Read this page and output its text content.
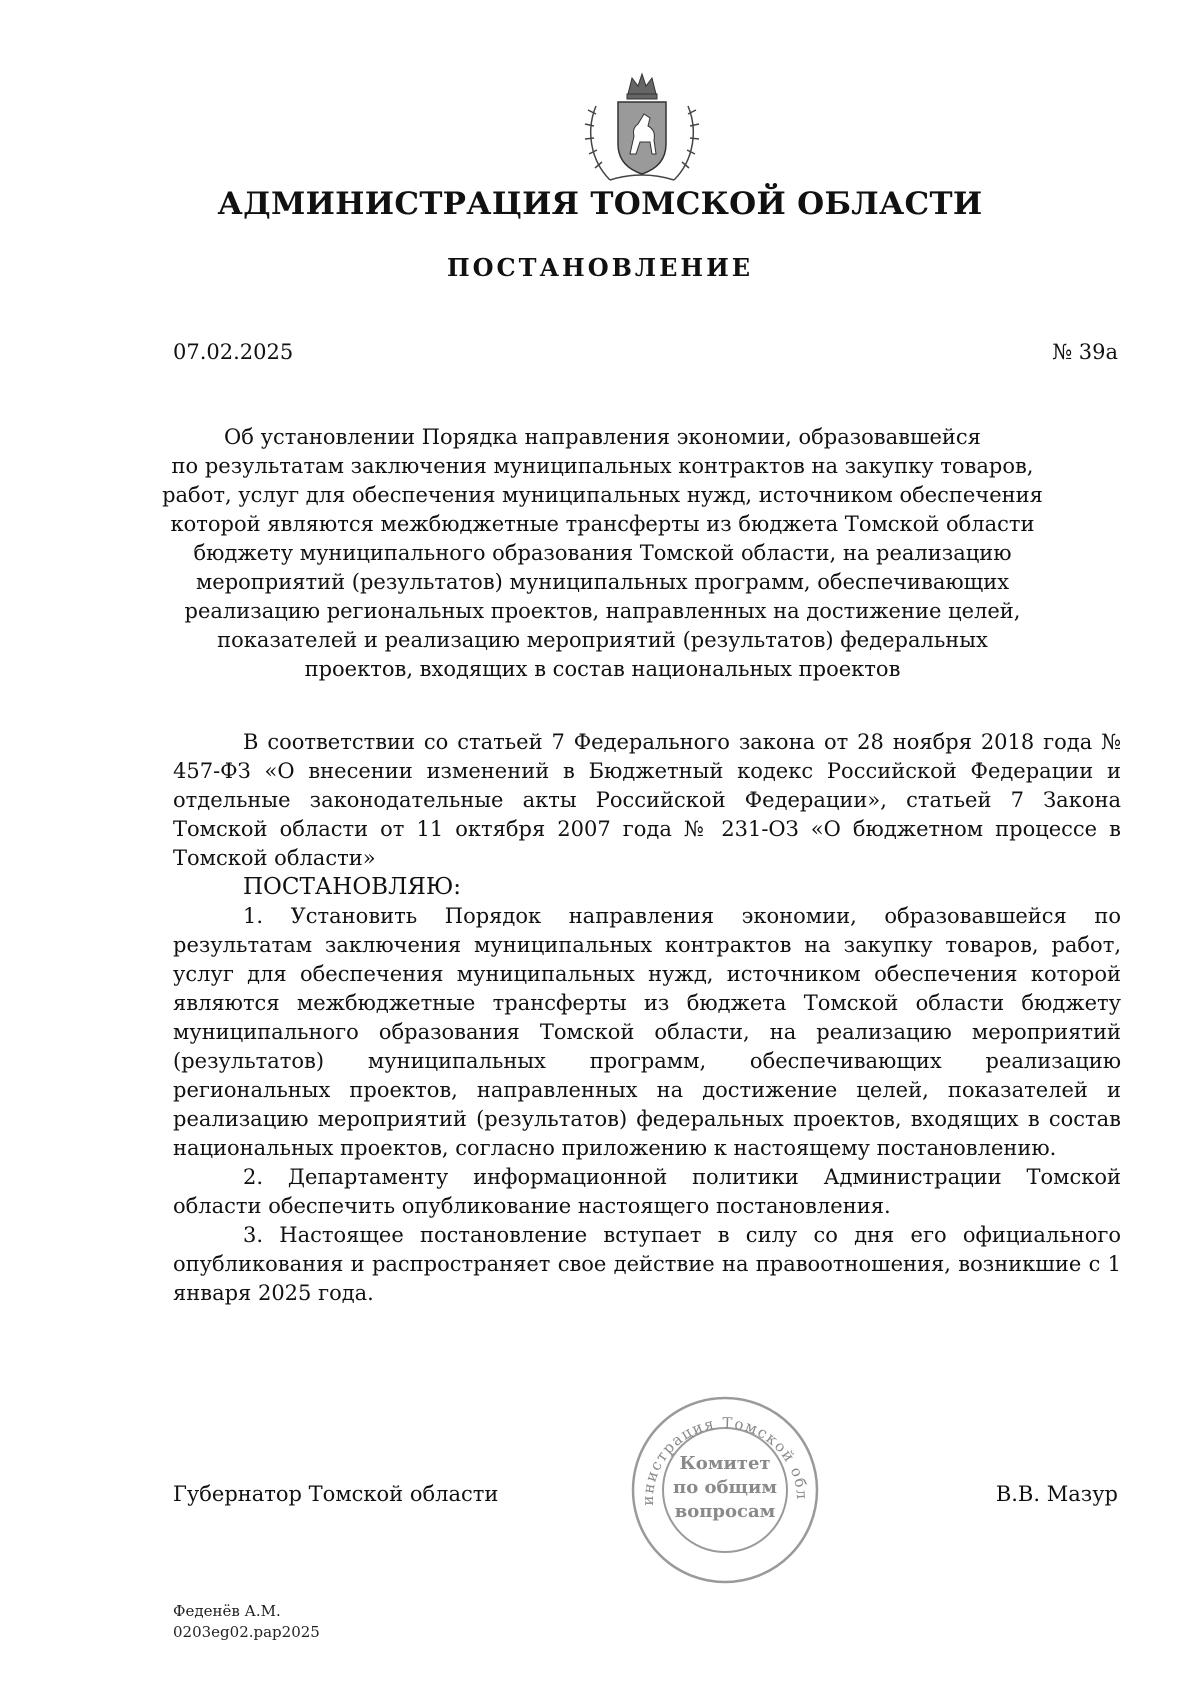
АДМИНИСТРАЦИЯ ТОМСКОЙ ОБЛАСТИ
ПОСТАНОВЛЕНИЕ
07.02.2025	№ 39а
Об установлении Порядка направления экономии, образовавшейся
по результатам заключения муниципальных контрактов на закупку товаров,
работ, услуг для обеспечения муниципальных нужд, источником обеспечения
которой являются межбюджетные трансферты из бюджета Томской области
бюджету муниципального образования Томской области, на реализацию
мероприятий (результатов) муниципальных программ, обеспечивающих
реализацию региональных проектов, направленных на достижение целей,
показателей и реализацию мероприятий (результатов) федеральных
проектов, входящих в состав национальных проектов

В соответствии со статьей 7 Федерального закона от 28 ноября 2018 года № 457-ФЗ «О внесении изменений в Бюджетный кодекс Российской Федерации и отдельные законодательные акты Российской Федерации», статьей 7 Закона Томской области от 11 октября 2007 года № 231-ОЗ «О бюджетном процессе в Томской области»

ПОСТАНОВЛЯЮ:

1. Установить Порядок направления экономии, образовавшейся по результатам заключения муниципальных контрактов на закупку товаров, работ, услуг для обеспечения муниципальных нужд, источником обеспечения которой являются межбюджетные трансферты из бюджета Томской области бюджету муниципального образования Томской области, на реализацию мероприятий (результатов) муниципальных программ, обеспечивающих реализацию региональных проектов, направленных на достижение целей, показателей и реализацию мероприятий (результатов) федеральных проектов, входящих в состав национальных проектов, согласно приложению к настоящему постановлению.

2. Департаменту информационной политики Администрации Томской области обеспечить опубликование настоящего постановления.

3. Настоящее постановление вступает в силу со дня его официального опубликования и распространяет свое действие на правоотношения, возникшие с 1 января 2025 года.

Губернатор Томской области	В.В. Мазур
инистрация Томской обл
Комитет
по общим
вопросам
Феденёв А.М.
0203eg02.pap2025
